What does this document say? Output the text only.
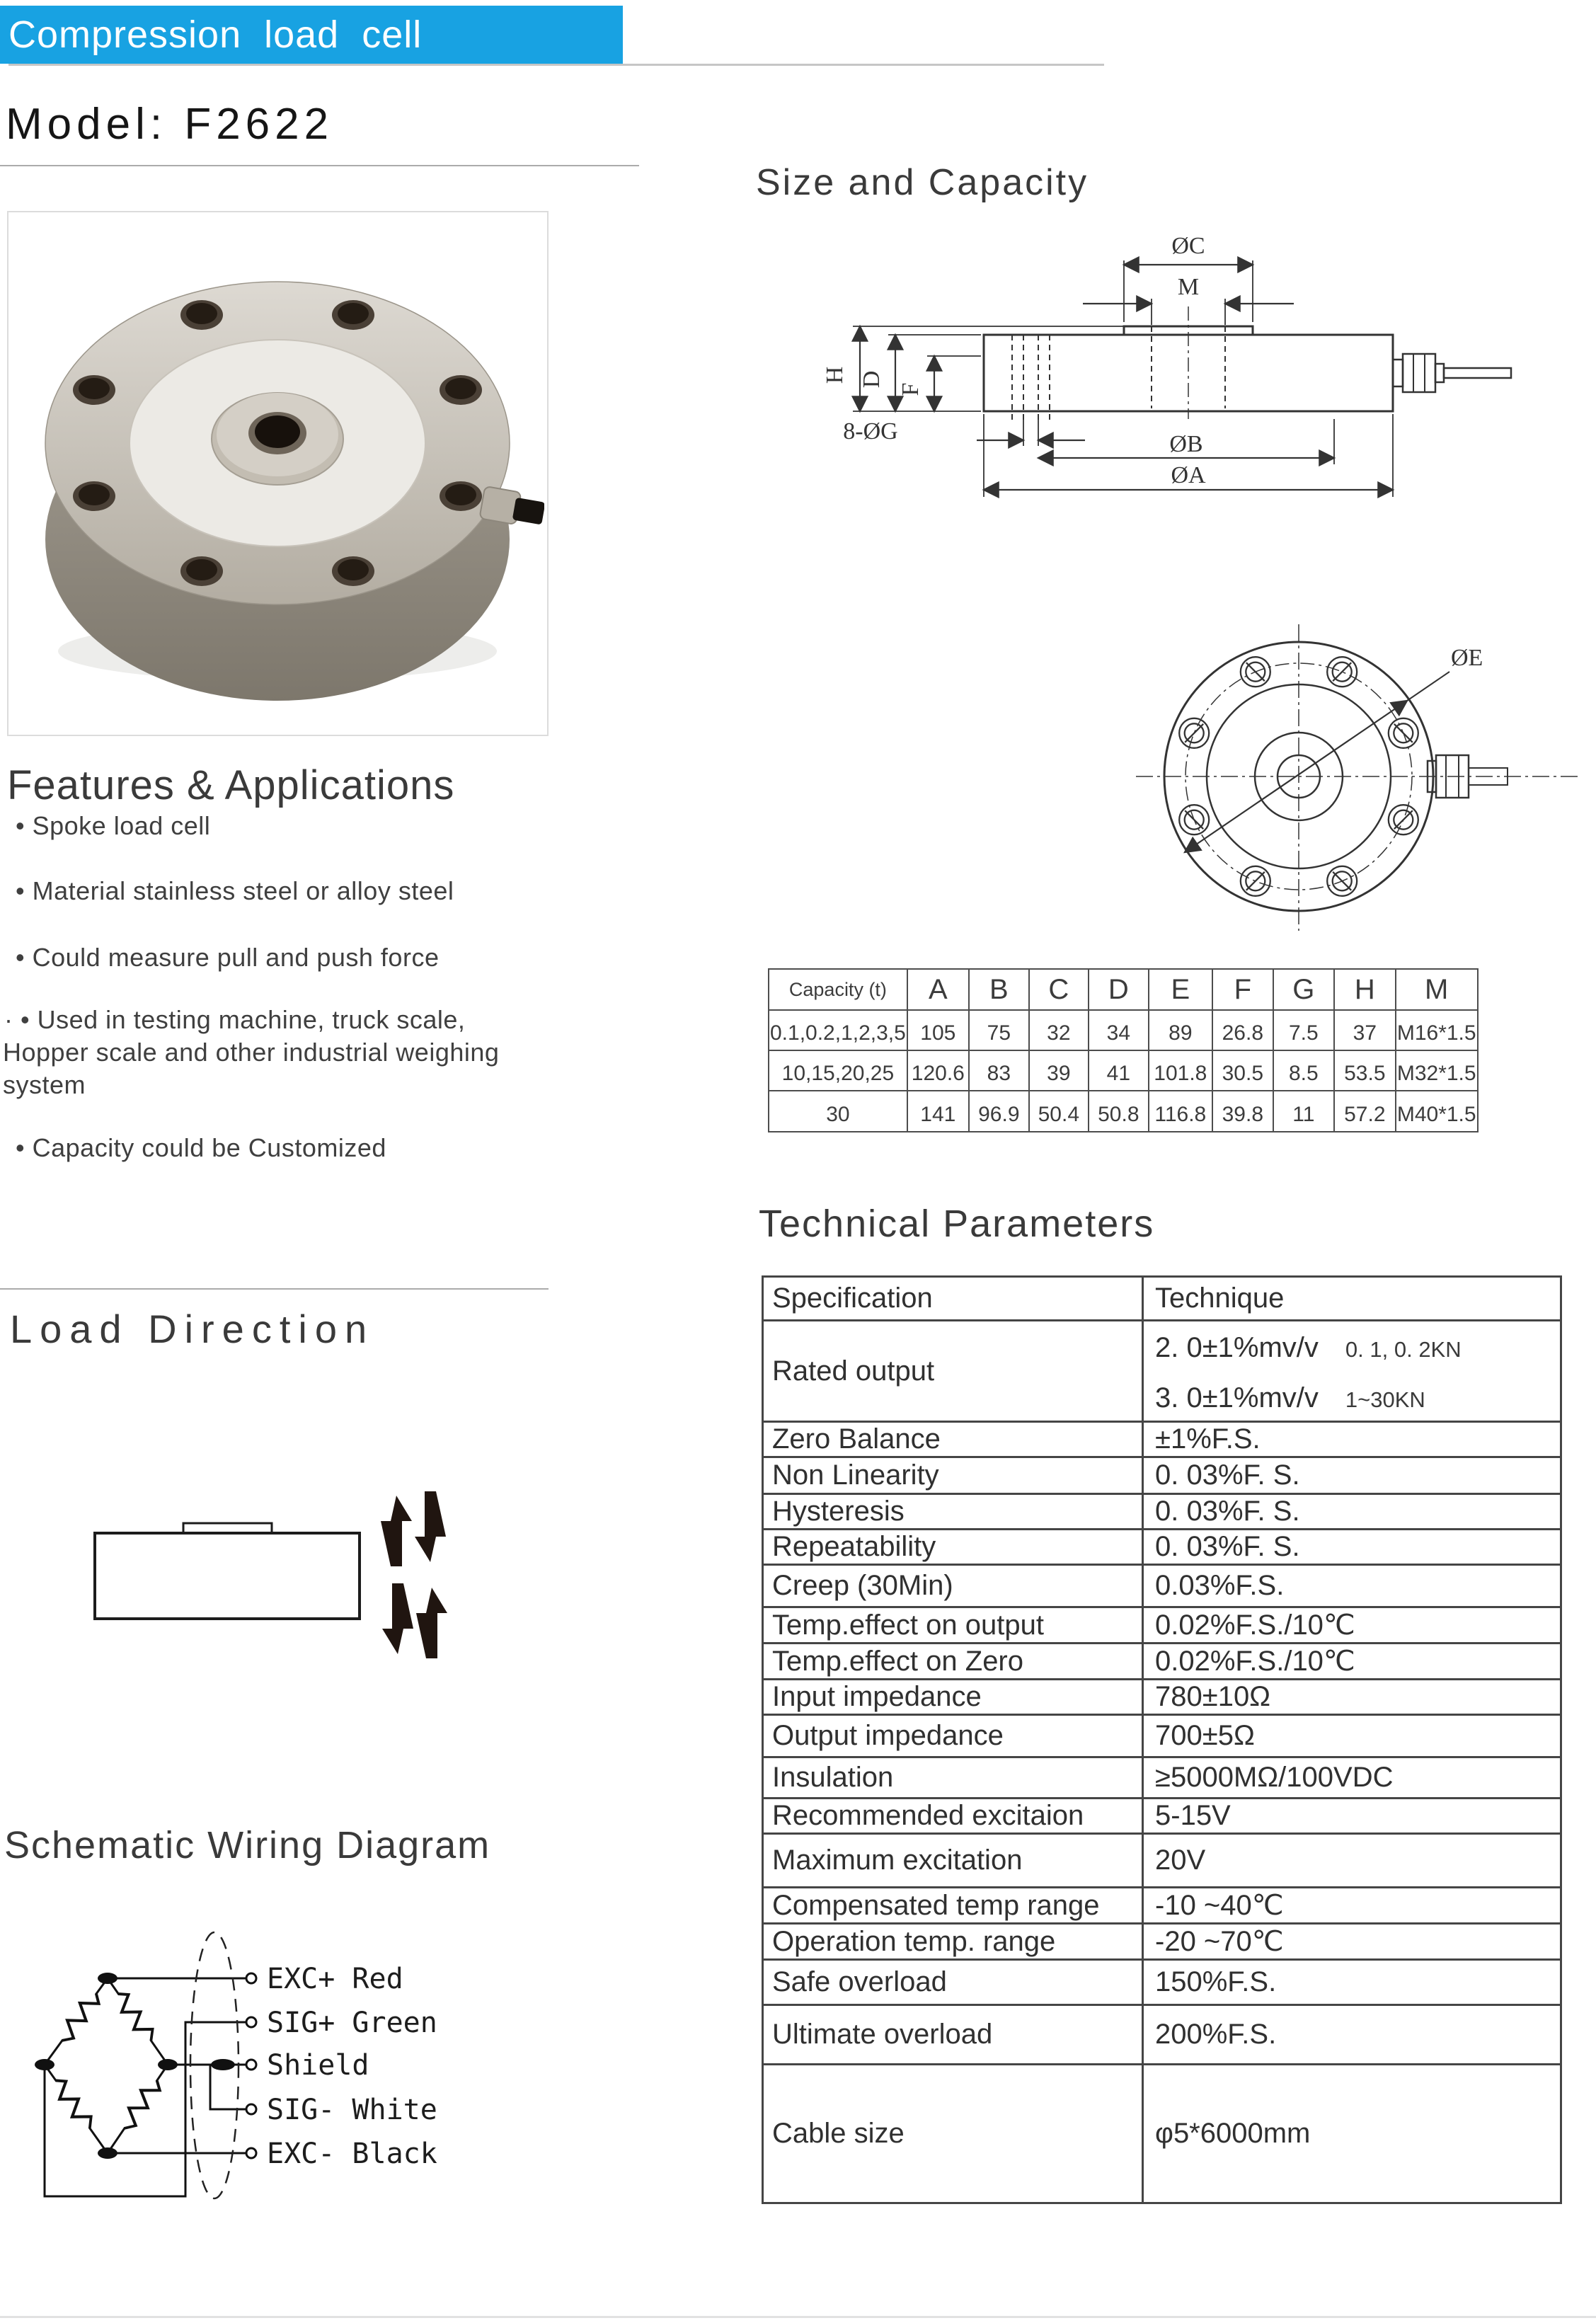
Compression load cell
Model: F2622
Size and Capacity
Features & Applications
Load Direction
Schematic Wiring Diagram
Technical Parameters
ØC
M
H D
F
8-ØG	ØB
ØA
ØE
• Spoke load cell
• Material stainless steel or alloy steel
• Could measure pull and push force
· • Used in testing machine, truck scale,
Hopper scale and other industrial weighing
system
• Capacity could be Customized
Capacity (t)	A	B	C	D	E	F	G	H	M
0.1,0.2,1,2,3,5	105	75	32	34	89	26.8	7.5	37	M16*1.5
10,15,20,25	120.6	83	39	41	101.8	30.5	8.5	53.5	M32*1.5
30	141	96.9	50.4	50.8	116.8	39.8	11	57.2	M40*1.5
Specification	Technique
Rated output	2. 0±1%mv/v 0. 1, 0. 2KN
3. 0±1%mv/v 1~30KN

Zero Balance	±1%F.S.
Non Linearity	0. 03%F. S.
Hysteresis	0. 03%F. S.
Repeatability	0. 03%F. S.
Creep (30Min)	0.03%F.S.
Temp.effect on output	0.02%F.S./10℃
Temp.effect on Zero	0.02%F.S./10℃
Input impedance	780±10Ω
Output impedance	700±5Ω
Insulation	≥5000MΩ/100VDC
Recommended excitaion	5-15V
Maximum excitation	20V
Compensated temp range	-10 ~40℃
Operation temp. range	-20 ~70℃
Safe overload	150%F.S.
Ultimate overload	200%F.S.
Cable size	φ5*6000mm
EXC+ Red
SIG+ Green
Shield
SIG- White
EXC- Black
